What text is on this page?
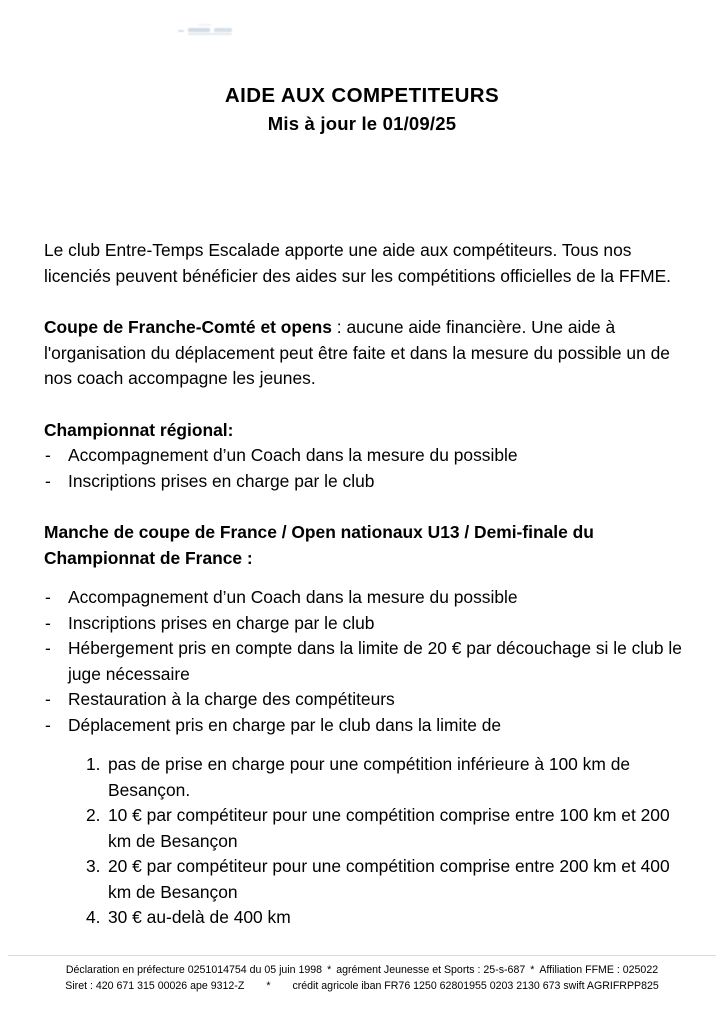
AIDE AUX COMPETITEURS
Mis à jour le 01/09/25

Le club Entre-Temps Escalade apporte une aide aux compétiteurs. Tous nos licenciés peuvent bénéficier des aides sur les compétitions officielles de la FFME.

Coupe de Franche-Comté et opens : aucune aide financière. Une aide à l'organisation du déplacement peut être faite et dans la mesure du possible un de nos coach accompagne les jeunes.

Championnat régional:

- Accompagnement d’un Coach dans la mesure du possible
- Inscriptions prises en charge par le club

Manche de coupe de France / Open nationaux U13 / Demi-finale du
Championnat de France :

- Accompagnement d’un Coach dans la mesure du possible
- Inscriptions prises en charge par le club
- Hébergement pris en compte dans la limite de 20 € par découchage si le club le juge nécessaire
- Restauration à la charge des compétiteurs
- Déplacement pris en charge par le club dans la limite de
1. pas de prise en charge pour une compétition inférieure à 100 km de Besançon.
2. 10 € par compétiteur pour une compétition comprise entre 100 km et 200 km de Besançon
3. 20 € par compétiteur pour une compétition comprise entre 200 km et 400 km de Besançon
4. 30 € au-delà de 400 km
Déclaration en préfecture 0251014754 du 05 juin 1998 * agrément Jeunesse et Sports : 25-s-687 * Affiliation FFME : 025022
Siret : 420 671 315 00026 ape 9312-Z * crédit agricole iban FR76 1250 62801955 0203 2130 673 swift AGRIFRPP825
